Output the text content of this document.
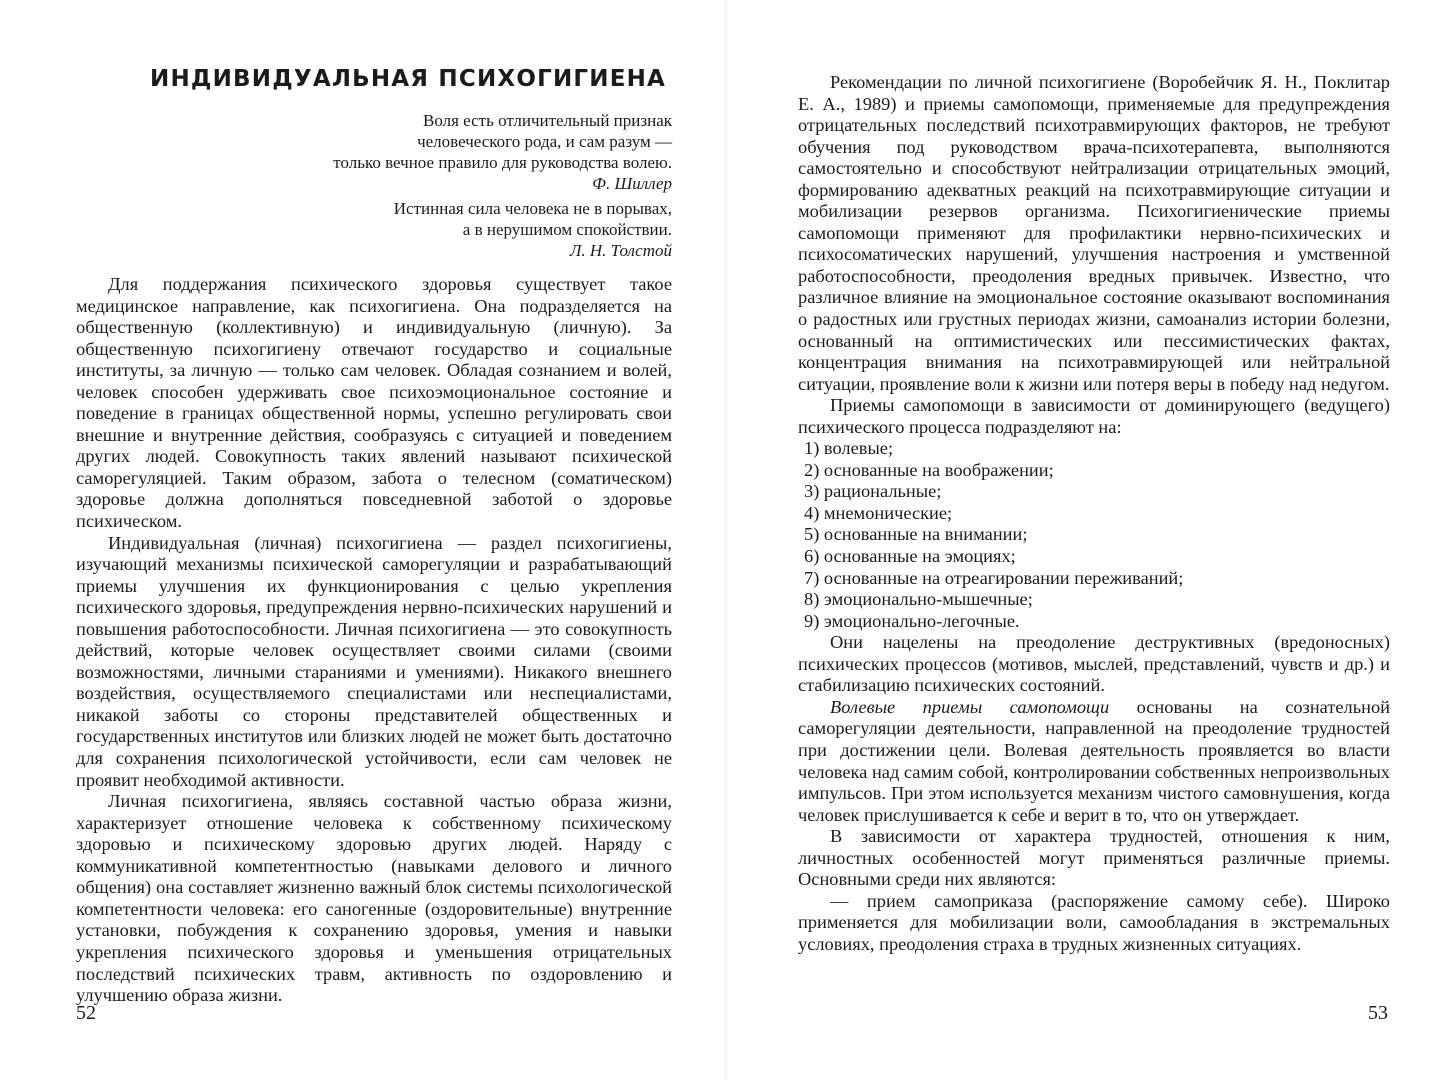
ИНДИВИДУАЛЬНАЯ ПСИХОГИГИЕНА
Воля есть отличительный признак
человеческого рода, и сам разум —
только вечное правило для руководства волею.
Ф. Шиллер
Истинная сила человека не в порывах,
а в нерушимом спокойствии.
Л. Н. Толстой

Для поддержания психического здоровья существует такое медицинское направление, как психогигиена. Она подразделяется на общественную (коллективную) и индивидуальную (личную). За общественную психогигиену отвечают государство и социальные институты, за личную — только сам человек. Обладая сознанием и волей, человек способен удерживать свое психоэмоциональное состояние и поведение в границах общественной нормы, успешно регулировать свои внешние и внутренние действия, сообразуясь с ситуацией и поведением других людей. Совокупность таких явлений называют психической саморегуляцией. Таким образом, забота о телесном (соматическом) здоровье должна дополняться повседневной заботой о здоровье психическом.

Индивидуальная (личная) психогигиена — раздел психогигиены, изучающий механизмы психической саморегуляции и разрабатывающий приемы улучшения их функционирования с целью укрепления психического здоровья, предупреждения нервно-психических нарушений и повышения работоспособности. Личная психогигиена — это совокупность действий, которые человек осуществляет своими силами (своими возможностями, личными стараниями и умениями). Никакого внешнего воздействия, осуществляемого специалистами или неспециалистами, никакой заботы со стороны представителей общественных и государственных институтов или близких людей не может быть достаточно для сохранения психологической устойчивости, если сам человек не проявит необходимой активности.

Личная психогигиена, являясь составной частью образа жизни, характеризует отношение человека к собственному психическому здоровью и психическому здоровью других людей. Наряду с коммуникативной компетентностью (навыками делового и личного общения) она составляет жизненно важный блок системы психологической компетентности человека: его саногенные (оздоровительные) внутренние установки, побуждения к сохранению здоровья, умения и навыки укрепления психического здоровья и уменьшения отрицательных последствий психических травм, активность по оздоровлению и улучшению образа жизни.

52

Рекомендации по личной психогигиене (Воробейчик Я. Н., Поклитар Е. А., 1989) и приемы самопомощи, применяемые для предупреждения отрицательных последствий психотравмирующих факторов, не требуют обучения под руководством врача-психотерапевта, выполняются самостоятельно и способствуют нейтрализации отрицательных эмоций, формированию адекватных реакций на психотравмирующие ситуации и мобилизации резервов организма. Психогигиенические приемы самопомощи применяют для профилактики нервно-психических и психосоматических нарушений, улучшения настроения и умственной работоспособности, преодоления вредных привычек. Известно, что различное влияние на эмоциональное состояние оказывают воспоминания о радостных или грустных периодах жизни, самоанализ истории болезни, основанный на оптимистических или пессимистических фактах, концентрация внимания на психотравмирующей или нейтральной ситуации, проявление воли к жизни или потеря веры в победу над недугом.

Приемы самопомощи в зависимости от доминирующего (ведущего) психического процесса подразделяют на:

1) волевые;
2) основанные на воображении;
3) рациональные;
4) мнемонические;
5) основанные на внимании;
6) основанные на эмоциях;
7) основанные на отреагировании переживаний;
8) эмоционально-мышечные;
9) эмоционально-легочные.

Они нацелены на преодоление деструктивных (вредоносных) психических процессов (мотивов, мыслей, представлений, чувств и др.) и стабилизацию психических состояний.

Волевые приемы самопомощи основаны на сознательной саморегуляции деятельности, направленной на преодоление трудностей при достижении цели. Волевая деятельность проявляется во власти человека над самим собой, контролировании собственных непроизвольных импульсов. При этом используется механизм чистого самовнушения, когда человек прислушивается к себе и верит в то, что он утверждает.

В зависимости от характера трудностей, отношения к ним, личностных особенностей могут применяться различные приемы. Основными среди них являются:

— прием самоприказа (распоряжение самому себе). Широко применяется для мобилизации воли, самообладания в экстремальных условиях, преодоления страха в трудных жизненных ситуациях.

53
